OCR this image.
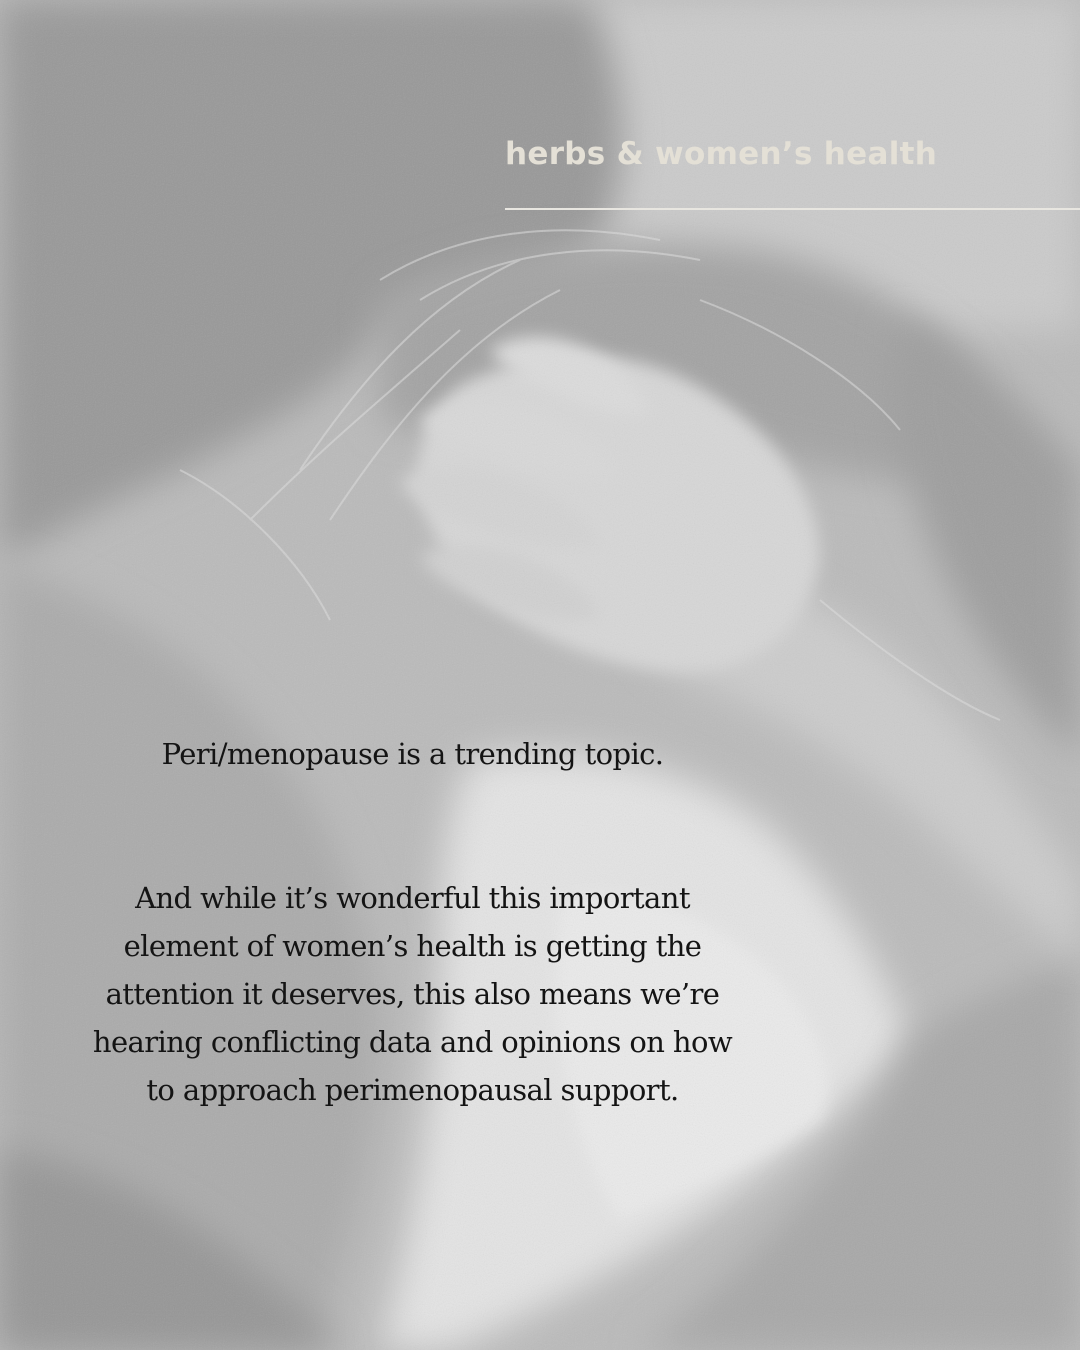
herbs & women’s health
Peri/menopause is a trending topic.
And while it’s wonderful this important
element of women’s health is getting the
attention it deserves, this also means we’re
hearing conflicting data and opinions on how
to approach perimenopausal support.
